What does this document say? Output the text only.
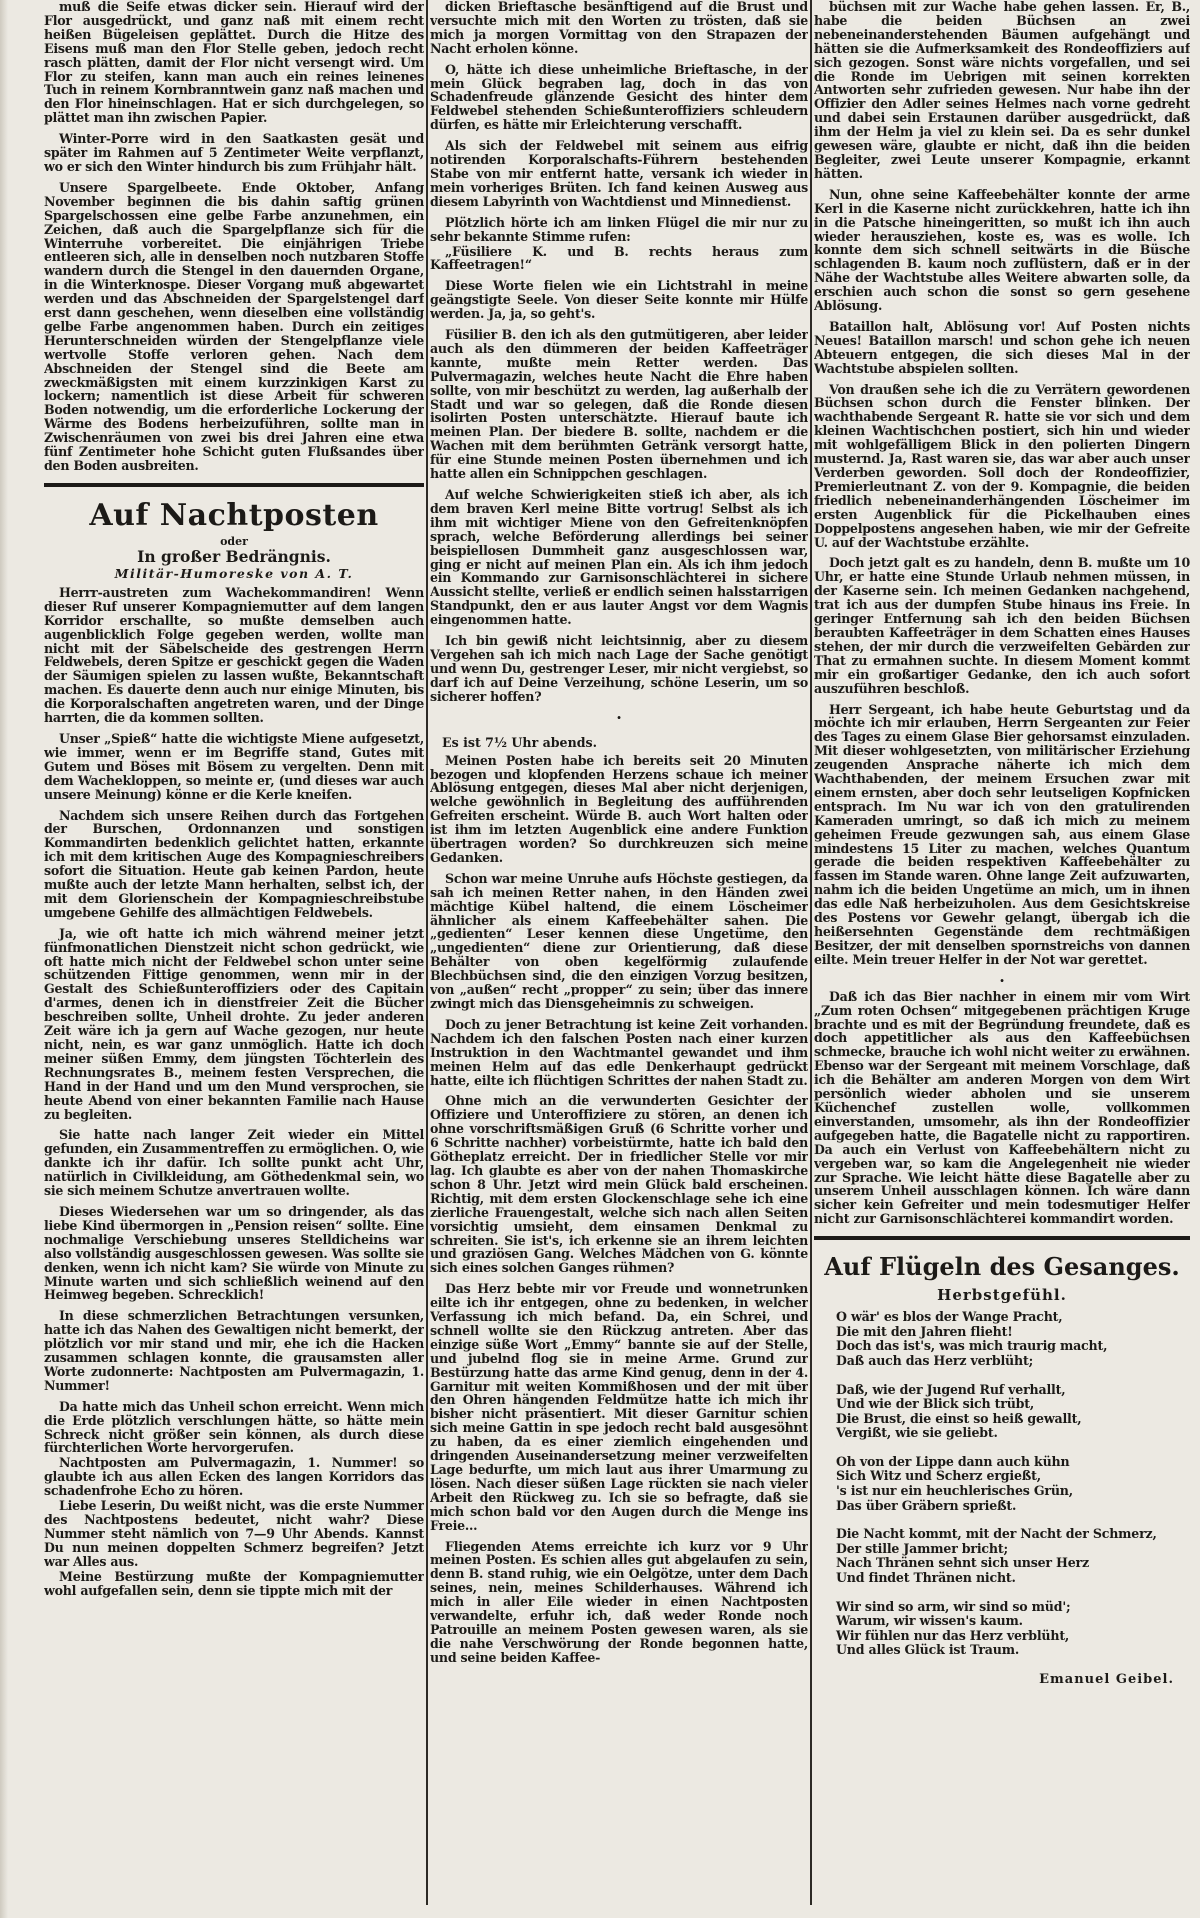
muß die Seife etwas dicker sein. Hierauf wird der Flor ausgedrückt, und ganz naß mit einem recht heißen Bügeleisen geplättet. Durch die Hitze des Eisens muß man den Flor Stelle geben, jedoch recht rasch plätten, damit der Flor nicht versengt wird. Um Flor zu steifen, kann man auch ein reines leinenes Tuch in reinem Kornbranntwein ganz naß machen und den Flor hineinschlagen. Hat er sich durchgelegen, so plättet man ihn zwischen Papier.

Winter-Porre wird in den Saatkasten gesät und später im Rahmen auf 5 Zentimeter Weite verpflanzt, wo er sich den Winter hindurch bis zum Frühjahr hält.

Unsere Spargelbeete. Ende Oktober, Anfang November beginnen die bis dahin saftig grünen Spargelschossen eine gelbe Farbe anzunehmen, ein Zeichen, daß auch die Spargelpflanze sich für die Winterruhe vorbereitet. Die einjährigen Triebe entleeren sich, alle in denselben noch nutzbaren Stoffe wandern durch die Stengel in den dauernden Organe, in die Winterknospe. Dieser Vorgang muß abgewartet werden und das Abschneiden der Spargelstengel darf erst dann geschehen, wenn dieselben eine vollständig gelbe Farbe angenommen haben. Durch ein zeitiges Herunterschneiden würden der Stengelpflanze viele wertvolle Stoffe verloren gehen. Nach dem Abschneiden der Stengel sind die Beete am zweckmäßigsten mit einem kurzzinkigen Karst zu lockern; namentlich ist diese Arbeit für schweren Boden notwendig, um die erforderliche Lockerung der Wärme des Bodens herbeizuführen, sollte man in Zwischenräumen von zwei bis drei Jahren eine etwa fünf Zentimeter hohe Schicht guten Flußsandes über den Boden ausbreiten.

Auf Nachtposten
oder
In großer Bedrängnis.
Militär-Humoreske von A. T.

Herrr-austreten zum Wachekommandiren! Wenn dieser Ruf unserer Kompagniemutter auf dem langen Korridor erschallte, so mußte demselben auch augenblicklich Folge gegeben werden, wollte man nicht mit der Säbelscheide des gestrengen Herrn Feldwebels, deren Spitze er geschickt gegen die Waden der Säumigen spielen zu lassen wußte, Bekanntschaft machen. Es dauerte denn auch nur einige Minuten, bis die Korporalschaften angetreten waren, und der Dinge harrten, die da kommen sollten.

Unser „Spieß“ hatte die wichtigste Miene aufgesetzt, wie immer, wenn er im Begriffe stand, Gutes mit Gutem und Böses mit Bösem zu vergelten. Denn mit dem Wachekloppen, so meinte er, (und dieses war auch unsere Meinung) könne er die Kerle kneifen.

Nachdem sich unsere Reihen durch das Fortgehen der Burschen, Ordonnanzen und sonstigen Kommandirten bedenklich gelichtet hatten, erkannte ich mit dem kritischen Auge des Kompagnieschreibers sofort die Situation. Heute gab keinen Pardon, heute mußte auch der letzte Mann herhalten, selbst ich, der mit dem Glorienschein der Kompagnieschreibstube umgebene Gehilfe des allmächtigen Feldwebels.

Ja, wie oft hatte ich mich während meiner jetzt fünfmonatlichen Dienstzeit nicht schon gedrückt, wie oft hatte mich nicht der Feldwebel schon unter seine schützenden Fittige genommen, wenn mir in der Gestalt des Schießunteroffiziers oder des Capitain d'armes, denen ich in dienstfreier Zeit die Bücher beschreiben sollte, Unheil drohte. Zu jeder anderen Zeit wäre ich ja gern auf Wache gezogen, nur heute nicht, nein, es war ganz unmöglich. Hatte ich doch meiner süßen Emmy, dem jüngsten Töchterlein des Rechnungsrates B., meinem festen Versprechen, die Hand in der Hand und um den Mund versprochen, sie heute Abend von einer bekannten Familie nach Hause zu begleiten.

Sie hatte nach langer Zeit wieder ein Mittel gefunden, ein Zusammentreffen zu ermöglichen. O, wie dankte ich ihr dafür. Ich sollte punkt acht Uhr, natürlich in Civilkleidung, am Göthedenkmal sein, wo sie sich meinem Schutze anvertrauen wollte.

Dieses Wiedersehen war um so dringender, als das liebe Kind übermorgen in „Pension reisen“ sollte. Eine nochmalige Verschiebung unseres Stelldicheins war also vollständig ausgeschlossen gewesen. Was sollte sie denken, wenn ich nicht kam? Sie würde von Minute zu Minute warten und sich schließlich weinend auf den Heimweg begeben. Schrecklich!

In diese schmerzlichen Betrachtungen versunken, hatte ich das Nahen des Gewaltigen nicht bemerkt, der plötzlich vor mir stand und mir, ehe ich die Hacken zusammen schlagen konnte, die grausamsten aller Worte zudonnerte: Nachtposten am Pulvermagazin, 1. Nummer!

Da hatte mich das Unheil schon erreicht. Wenn mich die Erde plötzlich verschlungen hätte, so hätte mein Schreck nicht größer sein können, als durch diese fürchterlichen Worte hervorgerufen.

Nachtposten am Pulvermagazin, 1. Nummer! so glaubte ich aus allen Ecken des langen Korridors das schadenfrohe Echo zu hören.

Liebe Leserin, Du weißt nicht, was die erste Nummer des Nachtpostens bedeutet, nicht wahr? Diese Nummer steht nämlich von 7—9 Uhr Abends. Kannst Du nun meinen doppelten Schmerz begreifen? Jetzt war Alles aus.

Meine Bestürzung mußte der Kompagniemutter wohl aufgefallen sein, denn sie tippte mich mit der

dicken Brieftasche besänftigend auf die Brust und versuchte mich mit den Worten zu trösten, daß sie mich ja morgen Vormittag von den Strapazen der Nacht erholen könne.

O, hätte ich diese unheimliche Brieftasche, in der mein Glück begraben lag, doch in das von Schadenfreude glänzende Gesicht des hinter dem Feldwebel stehenden Schießunteroffiziers schleudern dürfen, es hätte mir Erleichterung verschafft.

Als sich der Feldwebel mit seinem aus eifrig notirenden Korporalschafts-Führern bestehenden Stabe von mir entfernt hatte, versank ich wieder in mein vorheriges Brüten. Ich fand keinen Ausweg aus diesem Labyrinth von Wachtdienst und Minnedienst.

Plötzlich hörte ich am linken Flügel die mir nur zu sehr bekannte Stimme rufen:

„Füsiliere K. und B. rechts heraus zum Kaffeetragen!“

Diese Worte fielen wie ein Lichtstrahl in meine geängstigte Seele. Von dieser Seite konnte mir Hülfe werden. Ja, ja, so geht's.

Füsilier B. den ich als den gutmütigeren, aber leider auch als den dümmeren der beiden Kaffeeträger kannte, mußte mein Retter werden. Das Pulvermagazin, welches heute Nacht die Ehre haben sollte, von mir beschützt zu werden, lag außerhalb der Stadt und war so gelegen, daß die Ronde diesen isolirten Posten unterschätzte. Hierauf baute ich meinen Plan. Der biedere B. sollte, nachdem er die Wachen mit dem berühmten Getränk versorgt hatte, für eine Stunde meinen Posten übernehmen und ich hatte allen ein Schnippchen geschlagen.

Auf welche Schwierigkeiten stieß ich aber, als ich dem braven Kerl meine Bitte vortrug! Selbst als ich ihm mit wichtiger Miene von den Gefreitenknöpfen sprach, welche Beförderung allerdings bei seiner beispiellosen Dummheit ganz ausgeschlossen war, ging er nicht auf meinen Plan ein. Als ich ihm jedoch ein Kommando zur Garnisonschlächterei in sichere Aussicht stellte, verließ er endlich seinen halsstarrigen Standpunkt, den er aus lauter Angst vor dem Wagnis eingenommen hatte.

Ich bin gewiß nicht leichtsinnig, aber zu diesem Vergehen sah ich mich nach Lage der Sache genötigt und wenn Du, gestrenger Leser, mir nicht vergiebst, so darf ich auf Deine Verzeihung, schöne Leserin, um so sicherer hoffen?

·
Es ist 7½ Uhr abends.

Meinen Posten habe ich bereits seit 20 Minuten bezogen und klopfenden Herzens schaue ich meiner Ablösung entgegen, dieses Mal aber nicht derjenigen, welche gewöhnlich in Begleitung des aufführenden Gefreiten erscheint. Würde B. auch Wort halten oder ist ihm im letzten Augenblick eine andere Funktion übertragen worden? So durchkreuzen sich meine Gedanken.

Schon war meine Unruhe aufs Höchste gestiegen, da sah ich meinen Retter nahen, in den Händen zwei mächtige Kübel haltend, die einem Löscheimer ähnlicher als einem Kaffeebehälter sahen. Die „gedienten“ Leser kennen diese Ungetüme, den „ungedienten“ diene zur Orientierung, daß diese Behälter von oben kegelförmig zulaufende Blechbüchsen sind, die den einzigen Vorzug besitzen, von „außen“ recht „propper“ zu sein; über das innere zwingt mich das Diensgeheimnis zu schweigen.

Doch zu jener Betrachtung ist keine Zeit vorhanden. Nachdem ich den falschen Posten nach einer kurzen Instruktion in den Wachtmantel gewandet und ihm meinen Helm auf das edle Denkerhaupt gedrückt hatte, eilte ich flüchtigen Schrittes der nahen Stadt zu.

Ohne mich an die verwunderten Gesichter der Offiziere und Unteroffiziere zu stören, an denen ich ohne vorschriftsmäßigen Gruß (6 Schritte vorher und 6 Schritte nachher) vorbeistürmte, hatte ich bald den Götheplatz erreicht. Der in friedlicher Stelle vor mir lag. Ich glaubte es aber von der nahen Thomaskirche schon 8 Uhr. Jetzt wird mein Glück bald erscheinen. Richtig, mit dem ersten Glockenschlage sehe ich eine zierliche Frauengestalt, welche sich nach allen Seiten vorsichtig umsieht, dem einsamen Denkmal zu schreiten. Sie ist's, ich erkenne sie an ihrem leichten und graziösen Gang. Welches Mädchen von G. könnte sich eines solchen Ganges rühmen?

Das Herz bebte mir vor Freude und wonnetrunken eilte ich ihr entgegen, ohne zu bedenken, in welcher Verfassung ich mich befand. Da, ein Schrei, und schnell wollte sie den Rückzug antreten. Aber das einzige süße Wort „Emmy“ bannte sie auf der Stelle, und jubelnd flog sie in meine Arme. Grund zur Bestürzung hatte das arme Kind genug, denn in der 4. Garnitur mit weiten Kommißhosen und der mit über den Ohren hängenden Feldmütze hatte ich mich ihr bisher nicht präsentiert. Mit dieser Garnitur schien sich meine Gattin in spe jedoch recht bald ausgesöhnt zu haben, da es einer ziemlich eingehenden und dringenden Auseinandersetzung meiner verzweifelten Lage bedurfte, um mich laut aus ihrer Umarmung zu lösen. Nach dieser süßen Lage rückten sie nach vieler Arbeit den Rückweg zu. Ich sie so befragte, daß sie mich schon bald vor den Augen durch die Menge ins Freie...

Fliegenden Atems erreichte ich kurz vor 9 Uhr meinen Posten. Es schien alles gut abgelaufen zu sein, denn B. stand ruhig, wie ein Oelgötze, unter dem Dach seines, nein, meines Schilderhauses. Während ich mich in aller Eile wieder in einen Nachtposten verwandelte, erfuhr ich, daß weder Ronde noch Patrouille an meinem Posten gewesen waren, als sie die nahe Verschwörung der Ronde begonnen hatte, und seine beiden Kaffee-

büchsen mit zur Wache habe gehen lassen. Er, B., habe die beiden Büchsen an zwei nebeneinanderstehenden Bäumen aufgehängt und hätten sie die Aufmerksamkeit des Rondeoffiziers auf sich gezogen. Sonst wäre nichts vorgefallen, und sei die Ronde im Uebrigen mit seinen korrekten Antworten sehr zufrieden gewesen. Nur habe ihn der Offizier den Adler seines Helmes nach vorne gedreht und dabei sein Erstaunen darüber ausgedrückt, daß ihm der Helm ja viel zu klein sei. Da es sehr dunkel gewesen wäre, glaubte er nicht, daß ihn die beiden Begleiter, zwei Leute unserer Kompagnie, erkannt hätten.

Nun, ohne seine Kaffeebehälter konnte der arme Kerl in die Kaserne nicht zurückkehren, hatte ich ihn in die Patsche hineingeritten, so mußt ich ihn auch wieder herausziehen, koste es, was es wolle. Ich konnte dem sich schnell seitwärts in die Büsche schlagenden B. kaum noch zuflüstern, daß er in der Nähe der Wachtstube alles Weitere abwarten solle, da erschien auch schon die sonst so gern gesehene Ablösung.

Bataillon halt, Ablösung vor! Auf Posten nichts Neues! Bataillon marsch! und schon gehe ich neuen Abteuern entgegen, die sich dieses Mal in der Wachtstube abspielen sollten.

Von draußen sehe ich die zu Verrätern gewordenen Büchsen schon durch die Fenster blinken. Der wachthabende Sergeant R. hatte sie vor sich und dem kleinen Wachtischchen postiert, sich hin und wieder mit wohlgefälligem Blick in den polierten Dingern musternd. Ja, Rast waren sie, das war aber auch unser Verderben geworden. Soll doch der Rondeoffizier, Premierleutnant Z. von der 9. Kompagnie, die beiden friedlich nebeneinanderhängenden Löscheimer im ersten Augenblick für die Pickelhauben eines Doppelpostens angesehen haben, wie mir der Gefreite U. auf der Wachtstube erzählte.

Doch jetzt galt es zu handeln, denn B. mußte um 10 Uhr, er hatte eine Stunde Urlaub nehmen müssen, in der Kaserne sein. Ich meinen Gedanken nachgehend, trat ich aus der dumpfen Stube hinaus ins Freie. In geringer Entfernung sah ich den beiden Büchsen beraubten Kaffeeträger in dem Schatten eines Hauses stehen, der mir durch die verzweifelten Gebärden zur That zu ermahnen suchte. In diesem Moment kommt mir ein großartiger Gedanke, den ich auch sofort auszuführen beschloß.

Herr Sergeant, ich habe heute Geburtstag und da möchte ich mir erlauben, Herrn Sergeanten zur Feier des Tages zu einem Glase Bier gehorsamst einzuladen. Mit dieser wohlgesetzten, von militärischer Erziehung zeugenden Ansprache näherte ich mich dem Wachthabenden, der meinem Ersuchen zwar mit einem ernsten, aber doch sehr leutseligen Kopfnicken entsprach. Im Nu war ich von den gratulirenden Kameraden umringt, so daß ich mich zu meinem geheimen Freude gezwungen sah, aus einem Glase mindestens 15 Liter zu machen, welches Quantum gerade die beiden respektiven Kaffeebehälter zu fassen im Stande waren. Ohne lange Zeit aufzuwarten, nahm ich die beiden Ungetüme an mich, um in ihnen das edle Naß herbeizuholen. Aus dem Gesichtskreise des Postens vor Gewehr gelangt, übergab ich die heißersehnten Gegenstände dem rechtmäßigen Besitzer, der mit denselben spornstreichs von dannen eilte. Mein treuer Helfer in der Not war gerettet.

·

Daß ich das Bier nachher in einem mir vom Wirt „Zum roten Ochsen“ mitgegebenen prächtigen Kruge brachte und es mit der Begründung freundete, daß es doch appetitlicher als aus den Kaffeebüchsen schmecke, brauche ich wohl nicht weiter zu erwähnen. Ebenso war der Sergeant mit meinem Vorschlage, daß ich die Behälter am anderen Morgen von dem Wirt persönlich wieder abholen und sie unserem Küchenchef zustellen wolle, vollkommen einverstanden, umsomehr, als ihn der Rondeoffizier aufgegeben hatte, die Bagatelle nicht zu rapportiren. Da auch ein Verlust von Kaffeebehältern nicht zu vergeben war, so kam die Angelegenheit nie wieder zur Sprache. Wie leicht hätte diese Bagatelle aber zu unserem Unheil ausschlagen können. Ich wäre dann sicher kein Gefreiter und mein todesmutiger Helfer nicht zur Garnisonschlächterei kommandirt worden.

Auf Flügeln des Gesanges.
Herbstgefühl.
O wär' es blos der Wange Pracht,
Die mit den Jahren flieht!
Doch das ist's, was mich traurig macht,
Daß auch das Herz verblüht;
Daß, wie der Jugend Ruf verhallt,
Und wie der Blick sich trübt,
Die Brust, die einst so heiß gewallt,
Vergißt, wie sie geliebt.
Oh von der Lippe dann auch kühn
Sich Witz und Scherz ergießt,
's ist nur ein heuchlerisches Grün,
Das über Gräbern sprießt.
Die Nacht kommt, mit der Nacht der Schmerz,
Der stille Jammer bricht;
Nach Thränen sehnt sich unser Herz
Und findet Thränen nicht.
Wir sind so arm, wir sind so müd';
Warum, wir wissen's kaum.
Wir fühlen nur das Herz verblüht,
Und alles Glück ist Traum.
Emanuel Geibel.
